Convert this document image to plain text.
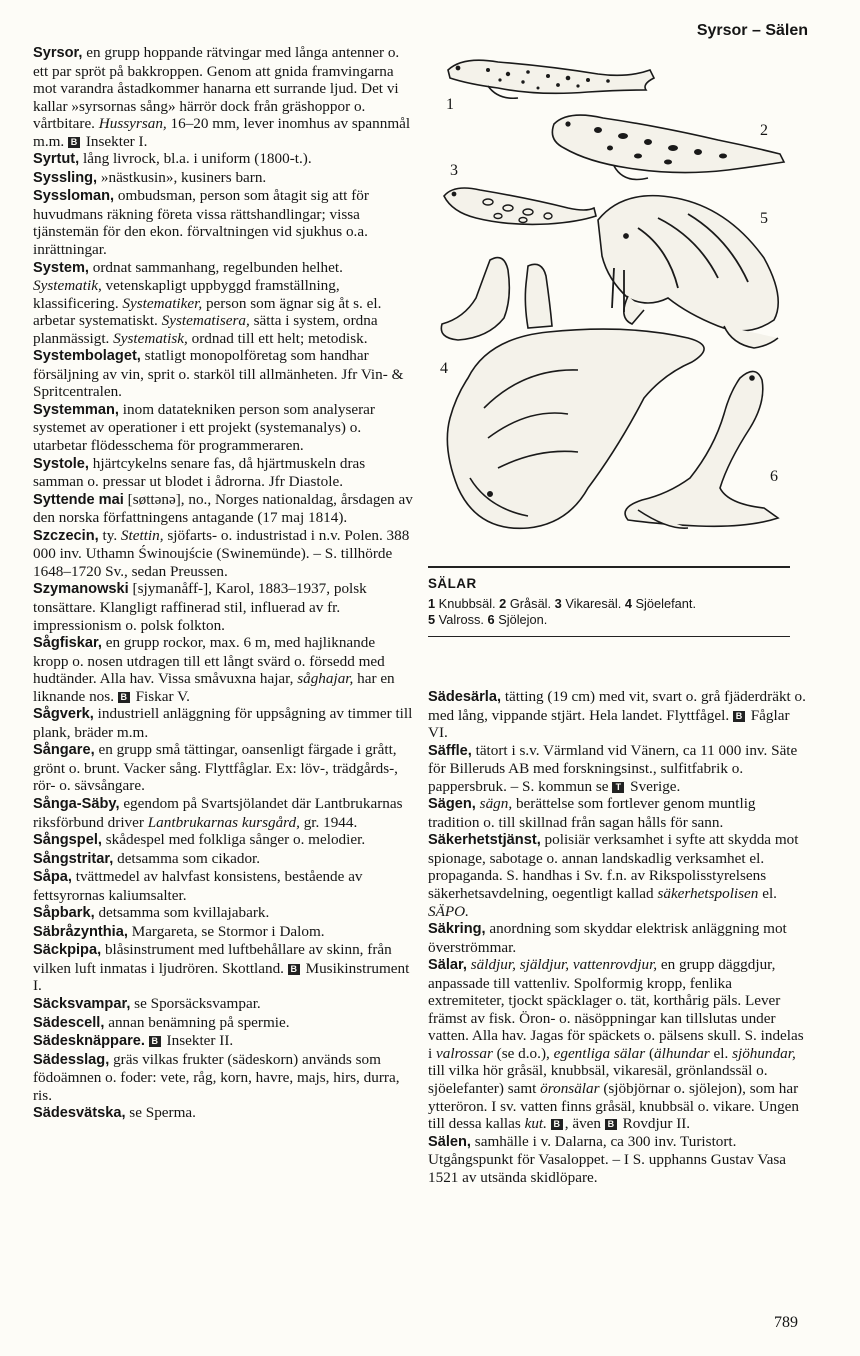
Syrsor – Sälen

Syrsor, en grupp hoppande rätvingar med långa antenner o. ett par spröt på bakkroppen. Genom att gnida framvingarna mot varandra åstadkommer hanarna ett surrande ljud. Det vi kallar »syrsornas sång» härrör dock från gräshoppor o. vårtbitare. Hussyrsan, 16–20 mm, lever inomhus av spannmål m.m. B Insekter I.

Syrtut, lång livrock, bl.a. i uniform (1800-t.).

Syssling, »nästkusin», kusiners barn.

Syssloman, ombudsman, person som åtagit sig att för huvudmans räkning företa vissa rättshandlingar; vissa tjänstemän för den ekon. förvaltningen vid sjukhus o.a. inrättningar.

System, ordnat sammanhang, regelbunden helhet. Systematik, vetenskapligt uppbyggd framställning, klassificering. Systematiker, person som ägnar sig åt s. el. arbetar systematiskt. Systematisera, sätta i system, ordna planmässigt. Systematisk, ordnad till ett helt; metodisk.

Systembolaget, statligt monopolföretag som handhar försäljning av vin, sprit o. starköl till allmänheten. Jfr Vin- & Spritcentralen.

Systemman, inom datatekniken person som analyserar systemet av operationer i ett projekt (systemanalys) o. utarbetar flödesschema för programmeraren.

Systole, hjärtcykelns senare fas, då hjärtmuskeln dras samman o. pressar ut blodet i ådrorna. Jfr Diastole.

Syttende mai [søttənə], no., Norges nationaldag, årsdagen av den norska författningens antagande (17 maj 1814).

Szczecin, ty. Stettin, sjöfarts- o. industristad i n.v. Polen. 388 000 inv. Uthamn Świnoujście (Swinemünde). – S. tillhörde 1648–1720 Sv., sedan Preussen.

Szymanowski [sjymanåff-], Karol, 1883–1937, polsk tonsättare. Klangligt raffinerad stil, influerad av fr. impressionism o. polsk folkton.

Sågfiskar, en grupp rockor, max. 6 m, med hajliknande kropp o. nosen utdragen till ett långt svärd o. försedd med hudtänder. Alla hav. Vissa småvuxna hajar, såghajar, har en liknande nos. B Fiskar V.

Sågverk, industriell anläggning för uppsågning av timmer till plank, bräder m.m.

Sångare, en grupp små tättingar, oansenligt färgade i grått, grönt o. brunt. Vacker sång. Flyttfåglar. Ex: löv-, trädgårds-, rör- o. sävsångare.

Sånga-Säby, egendom på Svartsjölandet där Lantbrukarnas riksförbund driver Lantbrukarnas kursgård, gr. 1944.

Sångspel, skådespel med folkliga sånger o. melodier.

Sångstritar, detsamma som cikador.

Såpa, tvättmedel av halvfast konsistens, bestående av fettsyrornas kaliumsalter.

Såpbark, detsamma som kvillajabark.

Säbråzynthia, Margareta, se Stormor i Dalom.

Säckpipa, blåsinstrument med luftbehållare av skinn, från vilken luft inmatas i ljudrören. Skottland. B Musikinstrument I.

Säcksvampar, se Sporsäcksvampar.

Sädescell, annan benämning på spermie.

Sädesknäppare. B Insekter II.

Sädesslag, gräs vilkas frukter (sädeskorn) används som födoämnen o. foder: vete, råg, korn, havre, majs, hirs, durra, ris.

Sädesvätska, se Sperma.

1
2
3
4
5
6
SÄLAR
1 Knubbsäl. 2 Gråsäl. 3 Vikaresäl. 4 Sjöelefant.
5 Valross. 6 Sjölejon.

Sädesärla, tätting (19 cm) med vit, svart o. grå fjäderdräkt o. med lång, vippande stjärt. Hela landet. Flyttfågel. B Fåglar VI.

Säffle, tätort i s.v. Värmland vid Vänern, ca 11 000 inv. Säte för Billeruds AB med forskningsinst., sulfitfabrik o. pappersbruk. – S. kommun se T Sverige.

Sägen, sägn, berättelse som fortlever genom muntlig tradition o. till skillnad från sagan hålls för sann.

Säkerhetstjänst, polisiär verksamhet i syfte att skydda mot spionage, sabotage o. annan landskadlig verksamhet el. propaganda. S. handhas i Sv. f.n. av Rikspolisstyrelsens säkerhetsavdelning, oegentligt kallad säkerhetspolisen el. SÄPO.

Säkring, anordning som skyddar elektrisk anläggning mot överströmmar.

Sälar, säldjur, själdjur, vattenrovdjur, en grupp däggdjur, anpassade till vattenliv. Spolformig kropp, fenlika extremiteter, tjockt späcklager o. tät, korthårig päls. Lever främst av fisk. Öron- o. näsöppningar kan tillslutas under vatten. Alla hav. Jagas för späckets o. pälsens skull. S. indelas i valrossar (se d.o.), egentliga sälar (älhundar el. sjöhundar, till vilka hör gråsäl, knubbsäl, vikaresäl, grönlandssäl o. sjöelefanter) samt öronsälar (sjöbjörnar o. sjölejon), som har ytteröron. I sv. vatten finns gråsäl, knubbsäl o. vikare. Ungen till dessa kallas kut. B , även B Rovdjur II.

Sälen, samhälle i v. Dalarna, ca 300 inv. Turistort. Utgångspunkt för Vasaloppet. – I S. upphanns Gustav Vasa 1521 av utsända skidlöpare.

789
